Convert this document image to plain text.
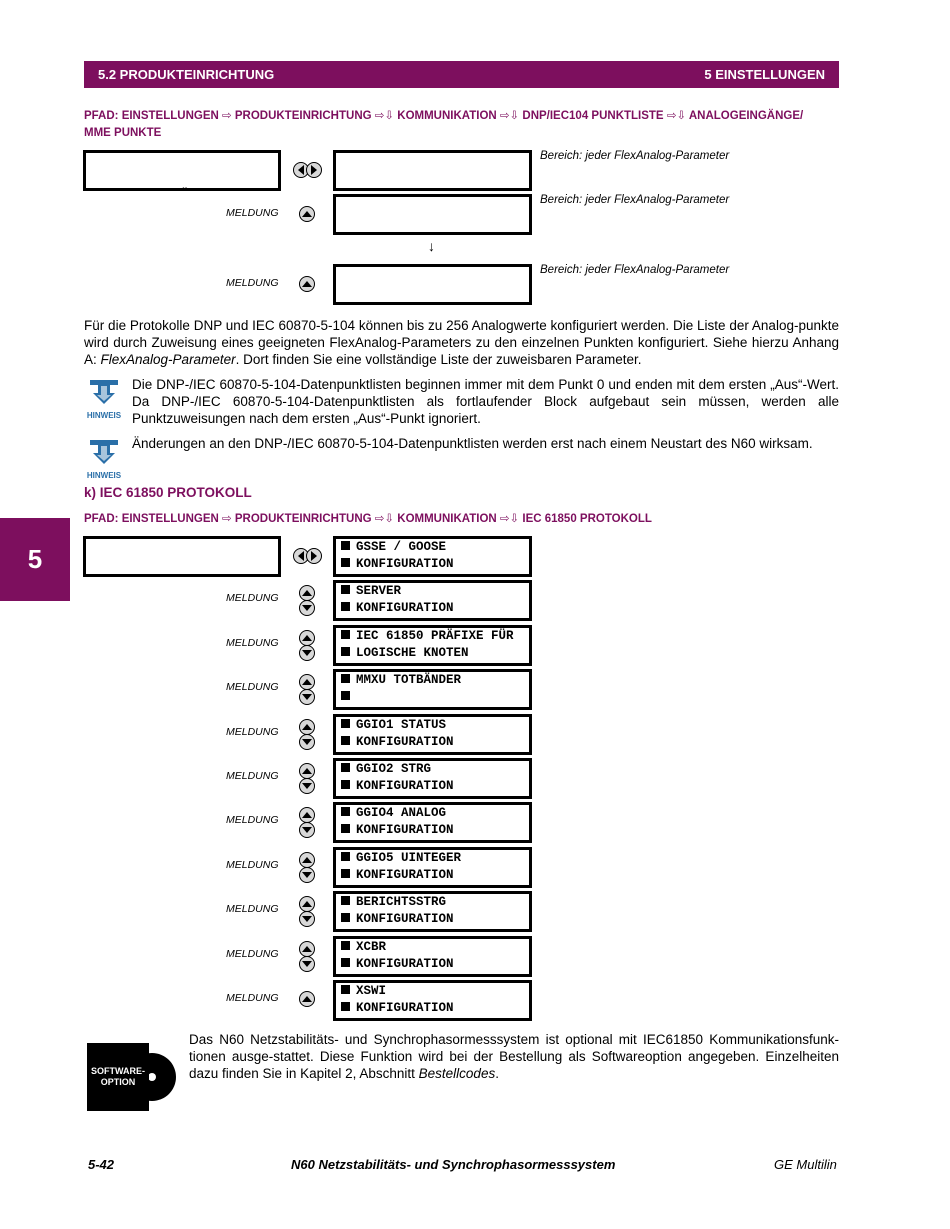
5.2 PRODUKTEINRICHTUNG	5 EINSTELLUNGEN
PFAD: EINSTELLUNGEN ⇨ PRODUKTEINRICHTUNG ⇨⇩ KOMMUNIKATION ⇨⇩ DNP/IEC104 PUNKTLISTE ⇨⇩ ANALOGEINGÄNGE/
MME PUNKTE

Bereich: jeder FlexAnalog-Parameter
MELDUNG

Bereich: jeder FlexAnalog-Parameter
↓
MELDUNG

Bereich: jeder FlexAnalog-Parameter
Für die Protokolle DNP und IEC 60870-5-104 können bis zu 256 Analogwerte konfiguriert werden. Die Liste der Analog-punkte wird durch Zuweisung eines geeigneten FlexAnalog-Parameters zu den einzelnen Punkten konfiguriert. Siehe hierzu Anhang A: FlexAnalog-Parameter. Dort finden Sie eine vollständige Liste der zuweisbaren Parameter.
HINWEIS
Die DNP-/IEC 60870-5-104-Datenpunktlisten beginnen immer mit dem Punkt 0 und enden mit dem ersten „Aus“-Wert. Da DNP-/IEC 60870-5-104-Datenpunktlisten als fortlaufender Block aufgebaut sein müssen, werden alle Punktzuweisungen nach dem ersten „Aus“-Punkt ignoriert.
HINWEIS
Änderungen an den DNP-/IEC 60870-5-104-Datenpunktlisten werden erst nach einem Neustart des N60 wirksam.
k) IEC 61850 PROTOKOLL
PFAD: EINSTELLUNGEN ⇨ PRODUKTEINRICHTUNG ⇨⇩ KOMMUNIKATION ⇨⇩ IEC 61850 PROTOKOLL
5

	GSSE / GOOSE
KONFIGURATION
SERVER
KONFIGURATION
MELDUNG
IEC 61850 PRÄFIXE FÜR
LOGISCHE KNOTEN
MELDUNG
MMXU TOTBÄNDER
MELDUNG
GGIO1 STATUS
KONFIGURATION
MELDUNG
GGIO2 STRG
KONFIGURATION
MELDUNG
GGIO4 ANALOG
KONFIGURATION
MELDUNG
GGIO5 UINTEGER
KONFIGURATION
MELDUNG
BERICHTSSTRG
KONFIGURATION
MELDUNG
XCBR
KONFIGURATION
MELDUNG
XSWI
KONFIGURATION
MELDUNG
SOFTWARE-OPTION
Das N60 Netzstabilitäts- und Synchrophasormesssystem ist optional mit IEC61850 Kommunikationsfunk-tionen ausge-stattet. Diese Funktion wird bei der Bestellung als Softwareoption angegeben. Einzelheiten dazu finden Sie in Kapitel 2, Abschnitt Bestellcodes.
5-42	N60 Netzstabilitäts- und Synchrophasormesssystem	GE Multilin
